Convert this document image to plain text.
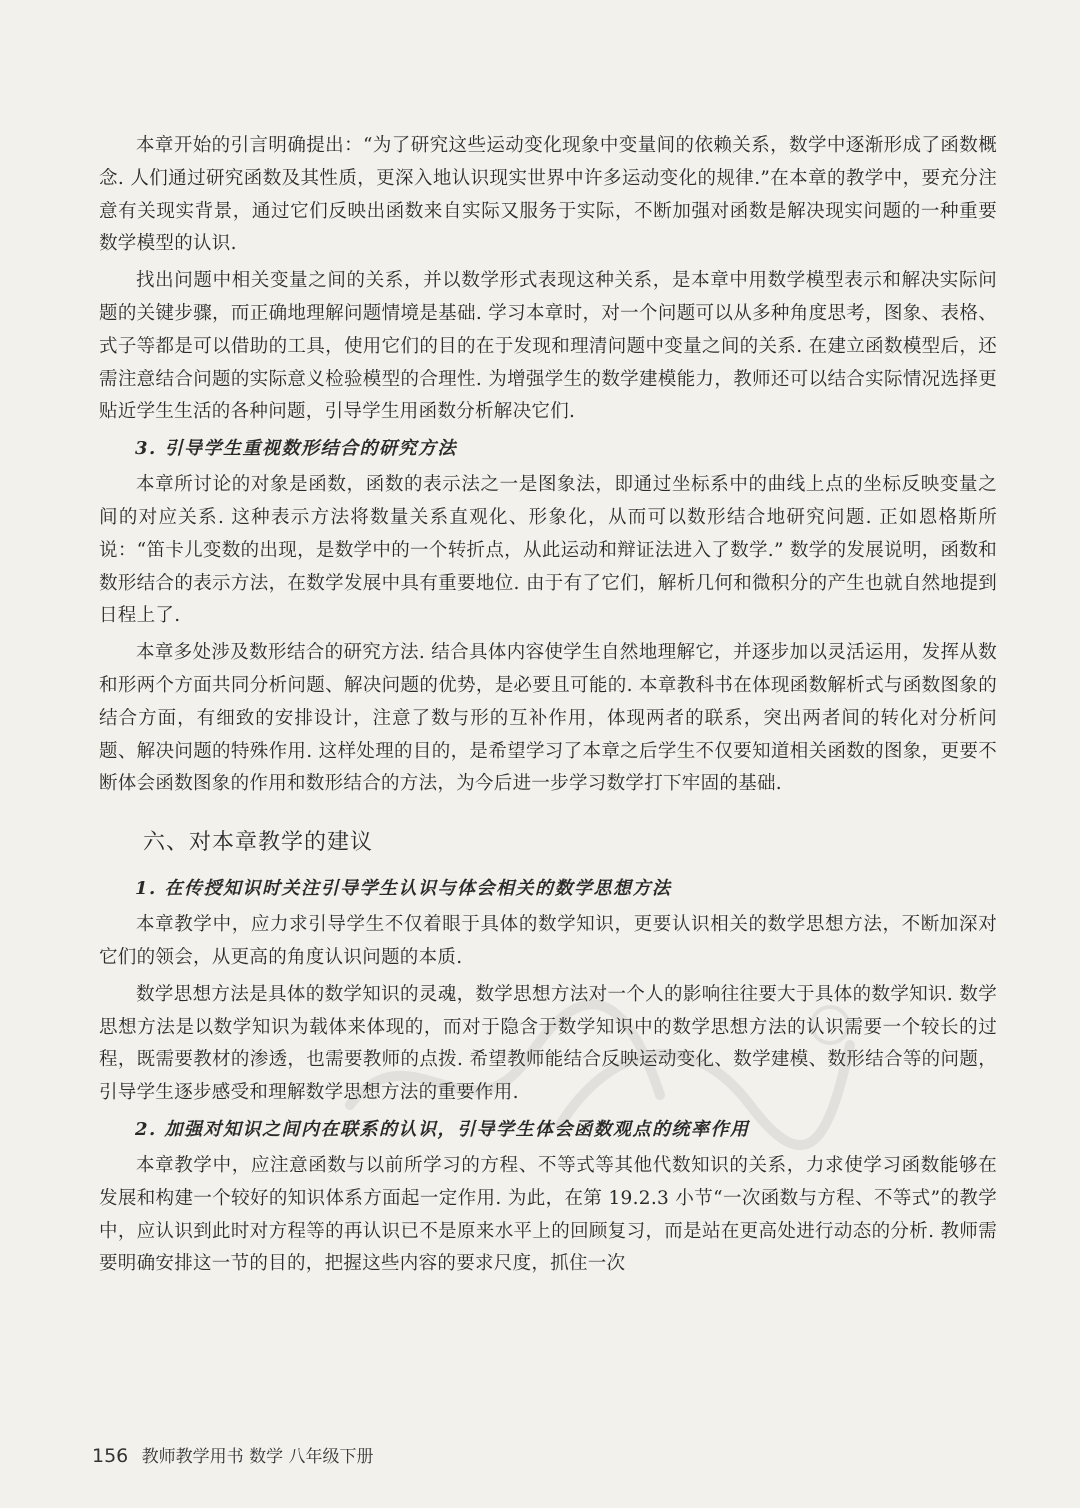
本章开始的引言明确提出：“为了研究这些运动变化现象中变量间的依赖关系，数学中逐渐形成了函数概念. 人们通过研究函数及其性质，更深入地认识现实世界中许多运动变化的规律.”在本章的教学中，要充分注意有关现实背景，通过它们反映出函数来自实际又服务于实际，不断加强对函数是解决现实问题的一种重要数学模型的认识.

找出问题中相关变量之间的关系，并以数学形式表现这种关系，是本章中用数学模型表示和解决实际问题的关键步骤，而正确地理解问题情境是基础. 学习本章时，对一个问题可以从多种角度思考，图象、表格、式子等都是可以借助的工具，使用它们的目的在于发现和理清问题中变量之间的关系. 在建立函数模型后，还需注意结合问题的实际意义检验模型的合理性. 为增强学生的数学建模能力，教师还可以结合实际情况选择更贴近学生生活的各种问题，引导学生用函数分析解决它们.

3. 引导学生重视数形结合的研究方法

本章所讨论的对象是函数，函数的表示法之一是图象法，即通过坐标系中的曲线上点的坐标反映变量之间的对应关系. 这种表示方法将数量关系直观化、形象化，从而可以数形结合地研究问题. 正如恩格斯所说：“笛卡儿变数的出现，是数学中的一个转折点，从此运动和辩证法进入了数学.” 数学的发展说明，函数和数形结合的表示方法，在数学发展中具有重要地位. 由于有了它们，解析几何和微积分的产生也就自然地提到日程上了.

本章多处涉及数形结合的研究方法. 结合具体内容使学生自然地理解它，并逐步加以灵活运用，发挥从数和形两个方面共同分析问题、解决问题的优势，是必要且可能的. 本章教科书在体现函数解析式与函数图象的结合方面，有细致的安排设计，注意了数与形的互补作用，体现两者的联系，突出两者间的转化对分析问题、解决问题的特殊作用. 这样处理的目的，是希望学习了本章之后学生不仅要知道相关函数的图象，更要不断体会函数图象的作用和数形结合的方法，为今后进一步学习数学打下牢固的基础.

六、对本章教学的建议
1. 在传授知识时关注引导学生认识与体会相关的数学思想方法

本章教学中，应力求引导学生不仅着眼于具体的数学知识，更要认识相关的数学思想方法，不断加深对它们的领会，从更高的角度认识问题的本质.

数学思想方法是具体的数学知识的灵魂，数学思想方法对一个人的影响往往要大于具体的数学知识. 数学思想方法是以数学知识为载体来体现的，而对于隐含于数学知识中的数学思想方法的认识需要一个较长的过程，既需要教材的渗透，也需要教师的点拨. 希望教师能结合反映运动变化、数学建模、数形结合等的问题，引导学生逐步感受和理解数学思想方法的重要作用.

2. 加强对知识之间内在联系的认识，引导学生体会函数观点的统率作用

本章教学中，应注意函数与以前所学习的方程、不等式等其他代数知识的关系，力求使学习函数能够在发展和构建一个较好的知识体系方面起一定作用. 为此，在第 19.2.3 小节“一次函数与方程、不等式”的教学中，应认识到此时对方程等的再认识已不是原来水平上的回顾复习，而是站在更高处进行动态的分析. 教师需要明确安排这一节的目的，把握这些内容的要求尺度，抓住一次

156 教师教学用书 数学 八年级下册
